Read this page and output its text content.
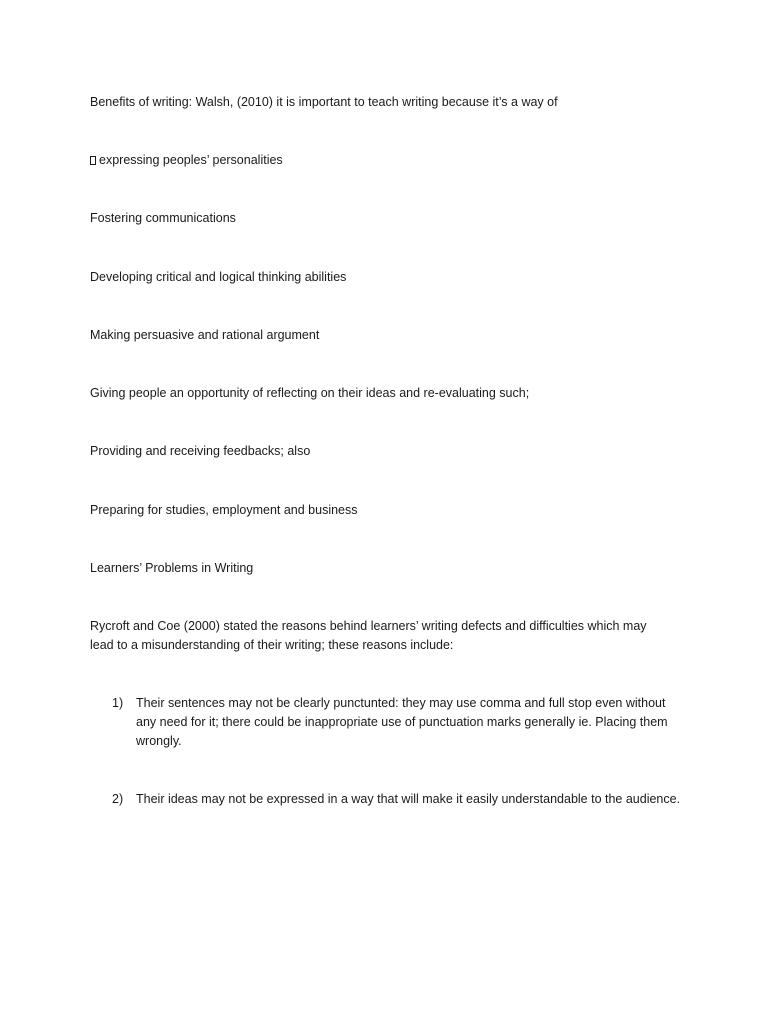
Benefits of writing: Walsh, (2010) it is important to teach writing because it’s a way of

expressing peoples’ personalities

Fostering communications

Developing critical and logical thinking abilities

Making persuasive and rational argument

Giving people an opportunity of reflecting on their ideas and re-evaluating such;

Providing and receiving feedbacks; also

Preparing for studies, employment and business

Learners’ Problems in Writing

Rycroft and Coe (2000) stated the reasons behind learners’ writing defects and difficulties which may lead to a misunderstanding of their writing; these reasons include:

1)	Their sentences may not be clearly punctunted: they may use comma and full stop even without any need for it; there could be inappropriate use of punctuation marks generally ie. Placing them wrongly.
2)	Their ideas may not be expressed in a way that will make it easily understandable to the audience.
